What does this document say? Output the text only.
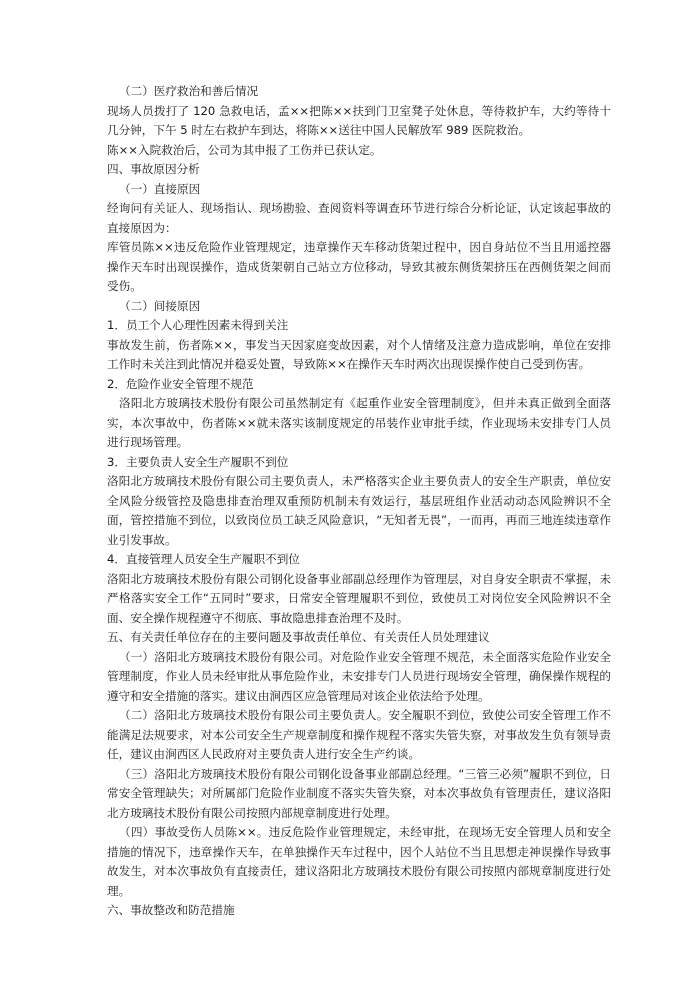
（二）医疗救治和善后情况

现场人员拨打了 120 急救电话，孟××把陈××扶到门卫室凳子处休息，等待救护车，大约等待十几分钟，下午 5 时左右救护车到达，将陈××送往中国人民解放军 989 医院救治。

陈××入院救治后，公司为其申报了工伤并已获认定。

四、事故原因分析

（一）直接原因

经询问有关证人、现场指认、现场勘验、查阅资料等调查环节进行综合分析论证，认定该起事故的直接原因为：

库管员陈××违反危险作业管理规定，违章操作天车移动货架过程中，因自身站位不当且用遥控器操作天车时出现误操作，造成货架朝自己站立方位移动，导致其被东侧货架挤压在西侧货架之间而受伤。

（二）间接原因

1．员工个人心理性因素未得到关注

事故发生前，伤者陈××，事发当天因家庭变故因素，对个人情绪及注意力造成影响，单位在安排工作时未关注到此情况并稳妥处置，导致陈××在操作天车时两次出现误操作使自己受到伤害。

2．危险作业安全管理不规范

洛阳北方玻璃技术股份有限公司虽然制定有《起重作业安全管理制度》，但并未真正做到全面落实，本次事故中，伤者陈××就未落实该制度规定的吊装作业审批手续，作业现场未安排专门人员进行现场管理。

3．主要负责人安全生产履职不到位

洛阳北方玻璃技术股份有限公司主要负责人，未严格落实企业主要负责人的安全生产职责，单位安全风险分级管控及隐患排查治理双重预防机制未有效运行，基层班组作业活动动态风险辨识不全面，管控措施不到位，以致岗位员工缺乏风险意识，“无知者无畏”，一而再，再而三地连续违章作业引发事故。

4．直接管理人员安全生产履职不到位

洛阳北方玻璃技术股份有限公司钢化设备事业部副总经理作为管理层，对自身安全职责不掌握，未严格落实安全工作“五同时”要求，日常安全管理履职不到位，致使员工对岗位安全风险辨识不全面、安全操作规程遵守不彻底、事故隐患排查治理不及时。

五、有关责任单位存在的主要问题及事故责任单位、有关责任人员处理建议

（一）洛阳北方玻璃技术股份有限公司。对危险作业安全管理不规范，未全面落实危险作业安全管理制度，作业人员未经审批从事危险作业，未安排专门人员进行现场安全管理，确保操作规程的遵守和安全措施的落实。建议由涧西区应急管理局对该企业依法给予处理。

（二）洛阳北方玻璃技术股份有限公司主要负责人。安全履职不到位，致使公司安全管理工作不能满足法规要求，对本公司安全生产规章制度和操作规程不落实失管失察，对事故发生负有领导责任，建议由涧西区人民政府对主要负责人进行安全生产约谈。

（三）洛阳北方玻璃技术股份有限公司钢化设备事业部副总经理。“三管三必须”履职不到位，日常安全管理缺失；对所属部门危险作业制度不落实失管失察，对本次事故负有管理责任，建议洛阳北方玻璃技术股份有限公司按照内部规章制度进行处理。

（四）事故受伤人员陈××。违反危险作业管理规定，未经审批，在现场无安全管理人员和安全措施的情况下，违章操作天车，在单独操作天车过程中，因个人站位不当且思想走神误操作导致事故发生，对本次事故负有直接责任，建议洛阳北方玻璃技术股份有限公司按照内部规章制度进行处理。

六、事故整改和防范措施
